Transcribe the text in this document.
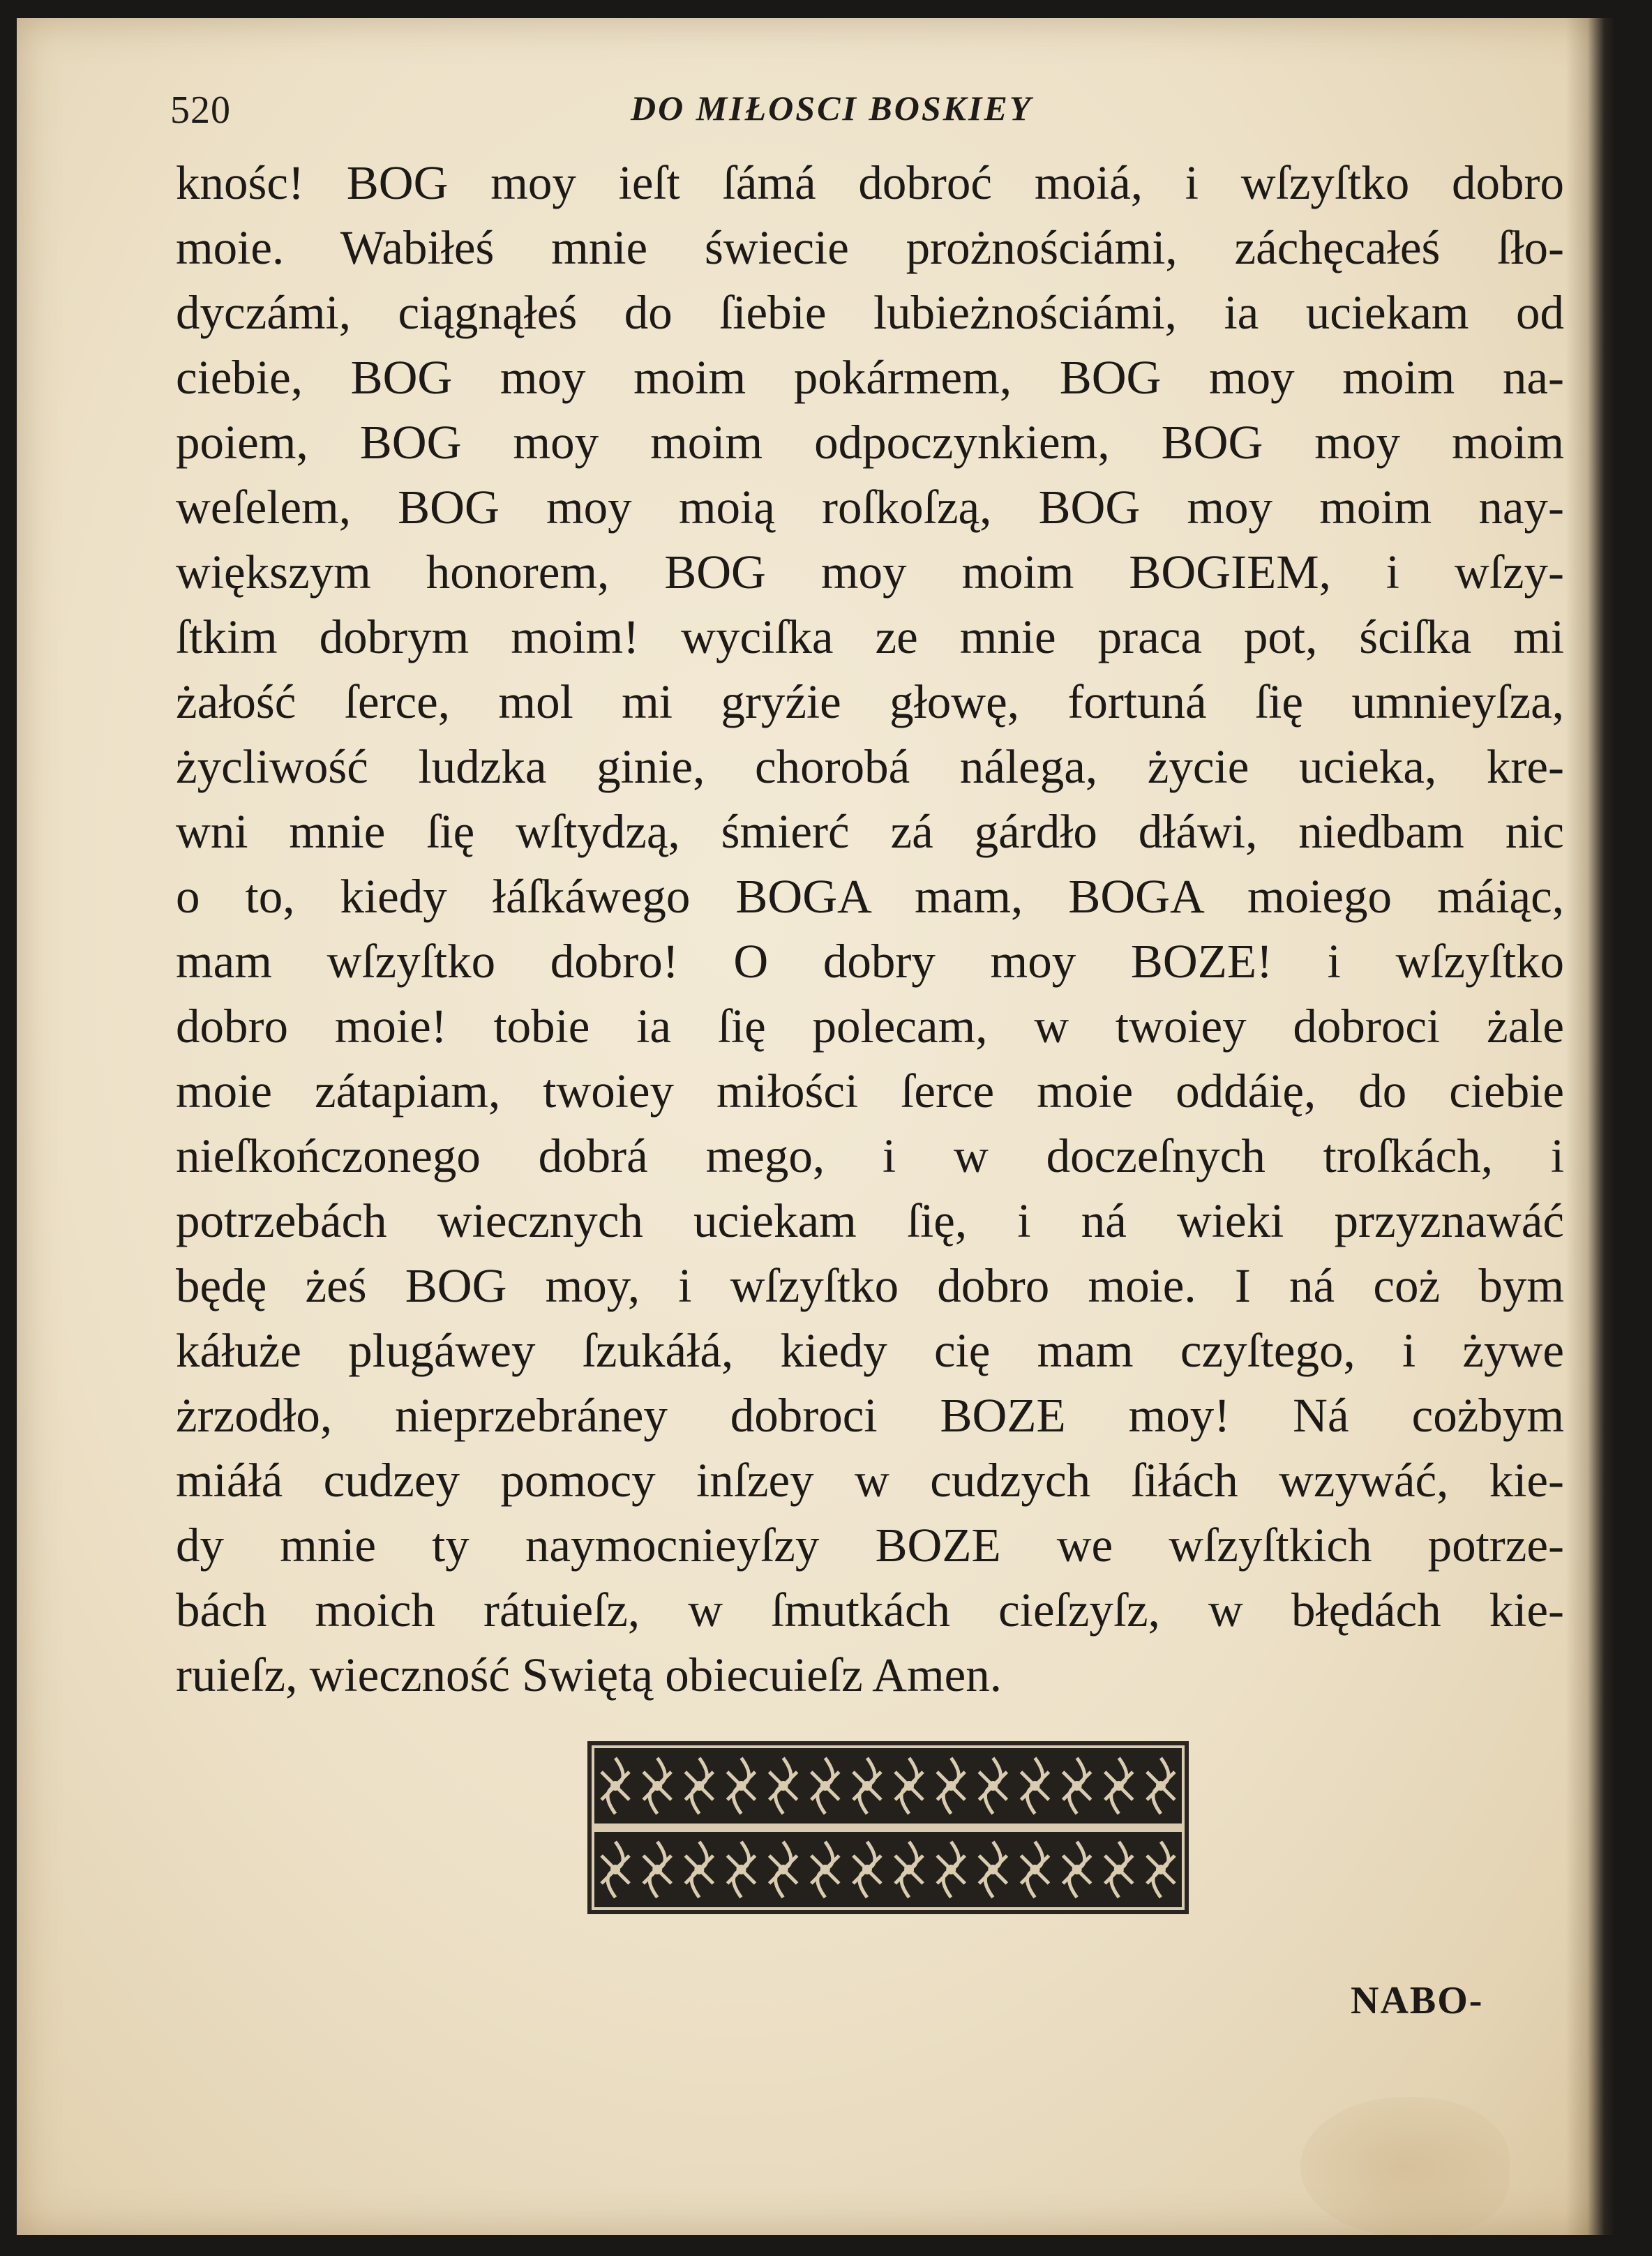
520	DO MIŁOSCI BOSKIEY
knośc! BOG moy ieſt ſámá dobroć moiá, i wſzyſtko dobro
moie. Wabiłeś mnie świecie prożnościámi, záchęcałeś ſło-
dyczámi, ciągnąłeś do ſiebie lubieżnościámi, ia uciekam od
ciebie, BOG moy moim pokármem, BOG moy moim na-
poiem, BOG moy moim odpoczynkiem, BOG moy moim
weſelem, BOG moy moią roſkoſzą, BOG moy moim nay-
większym honorem, BOG moy moim BOGIEM, i wſzy-
ſtkim dobrym moim! wyciſka ze mnie praca pot, ściſka mi
żałość ſerce, mol mi gryźie głowę, fortuná ſię umnieyſza,
życliwość ludzka ginie, chorobá nálega, życie ucieka, kre-
wni mnie ſię wſtydzą, śmierć zá gárdło dłáwi, niedbam nic
o to, kiedy łáſkáwego BOGA mam, BOGA moiego máiąc,
mam wſzyſtko dobro! O dobry moy BOZE! i wſzyſtko
dobro moie! tobie ia ſię polecam, w twoiey dobroci żale
moie zátapiam, twoiey miłości ſerce moie oddáię, do ciebie
nieſkończonego dobrá mego, i w doczeſnych troſkách, i
potrzebách wiecznych uciekam ſię, i ná wieki przyznawáć
będę żeś BOG moy, i wſzyſtko dobro moie. I ná coż bym
káłuże plugáwey ſzukáłá, kiedy cię mam czyſtego, i żywe
żrzodło, nieprzebráney dobroci BOZE moy! Ná cożbym
miáłá cudzey pomocy inſzey w cudzych ſiłách wzywáć, kie-
dy mnie ty naymocnieyſzy BOZE we wſzyſtkich potrze-
bách moich rátuieſz, w ſmutkách cieſzyſz, w błędách kie-
ruieſz, wieczność Swiętą obiecuieſz Amen.
NABO-
